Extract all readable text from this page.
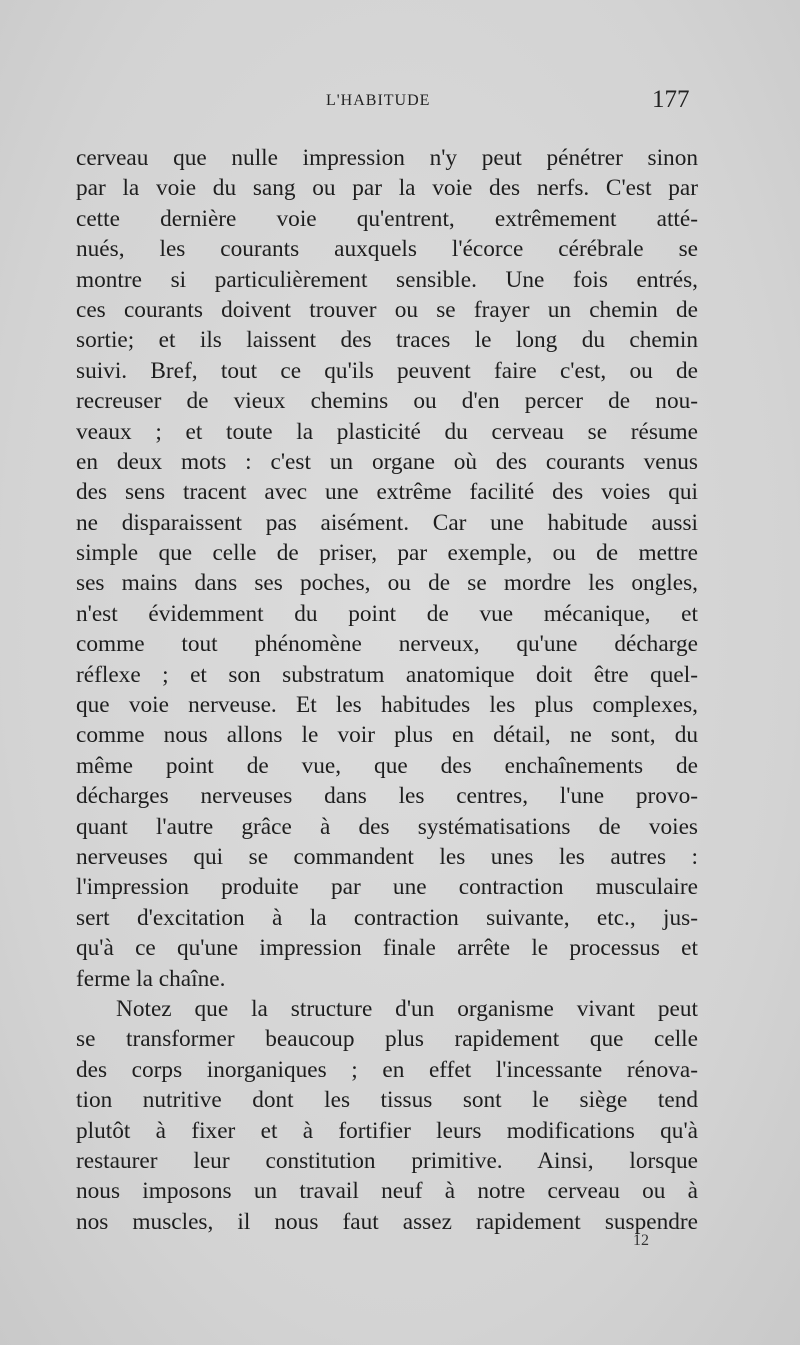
L'HABITUDE	177
cerveau que nulle impression n'y peut pénétrer sinon
par la voie du sang ou par la voie des nerfs. C'est par
cette dernière voie qu'entrent, extrêmement atté-
nués, les courants auxquels l'écorce cérébrale se
montre si particulièrement sensible. Une fois entrés,
ces courants doivent trouver ou se frayer un chemin de
sortie; et ils laissent des traces le long du chemin
suivi. Bref, tout ce qu'ils peuvent faire c'est, ou de
recreuser de vieux chemins ou d'en percer de nou-
veaux ; et toute la plasticité du cerveau se résume
en deux mots : c'est un organe où des courants venus
des sens tracent avec une extrême facilité des voies qui
ne disparaissent pas aisément. Car une habitude aussi
simple que celle de priser, par exemple, ou de mettre
ses mains dans ses poches, ou de se mordre les ongles,
n'est évidemment du point de vue mécanique, et
comme tout phénomène nerveux, qu'une décharge
réflexe ; et son substratum anatomique doit être quel-
que voie nerveuse. Et les habitudes les plus complexes,
comme nous allons le voir plus en détail, ne sont, du
même point de vue, que des enchaînements de
décharges nerveuses dans les centres, l'une provo-
quant l'autre grâce à des systématisations de voies
nerveuses qui se commandent les unes les autres :
l'impression produite par une contraction musculaire
sert d'excitation à la contraction suivante, etc., jus-
qu'à ce qu'une impression finale arrête le processus et
ferme la chaîne.
Notez que la structure d'un organisme vivant peut
se transformer beaucoup plus rapidement que celle
des corps inorganiques ; en effet l'incessante rénova-
tion nutritive dont les tissus sont le siège tend
plutôt à fixer et à fortifier leurs modifications qu'à
restaurer leur constitution primitive. Ainsi, lorsque
nous imposons un travail neuf à notre cerveau ou à
nos muscles, il nous faut assez rapidement suspendre
12
